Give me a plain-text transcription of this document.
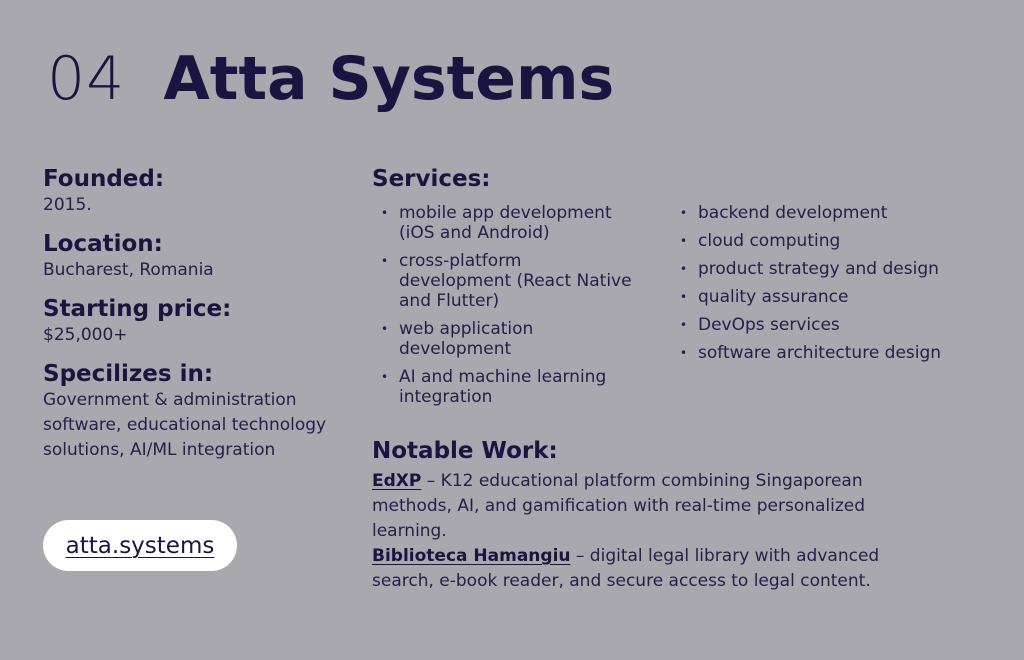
04 Atta Systems

Founded:

2015.

Location:

Bucharest, Romania

Starting price:

$25,000+

Specilizes in:

Government & administration software, educational technology solutions, AI/ML integration

atta.systems

Services:

• mobile app development (iOS and Android)
• cross-platform development (React Native and Flutter)
• web application development
• AI and machine learning integration
• backend development
• cloud computing
• product strategy and design
• quality assurance
• DevOps services
• software architecture design

Notable Work:

EdXP – K12 educational platform combining Singaporean methods, AI, and gamification with real-time personalized learning.

Biblioteca Hamangiu – digital legal library with advanced search, e-book reader, and secure access to legal content.
